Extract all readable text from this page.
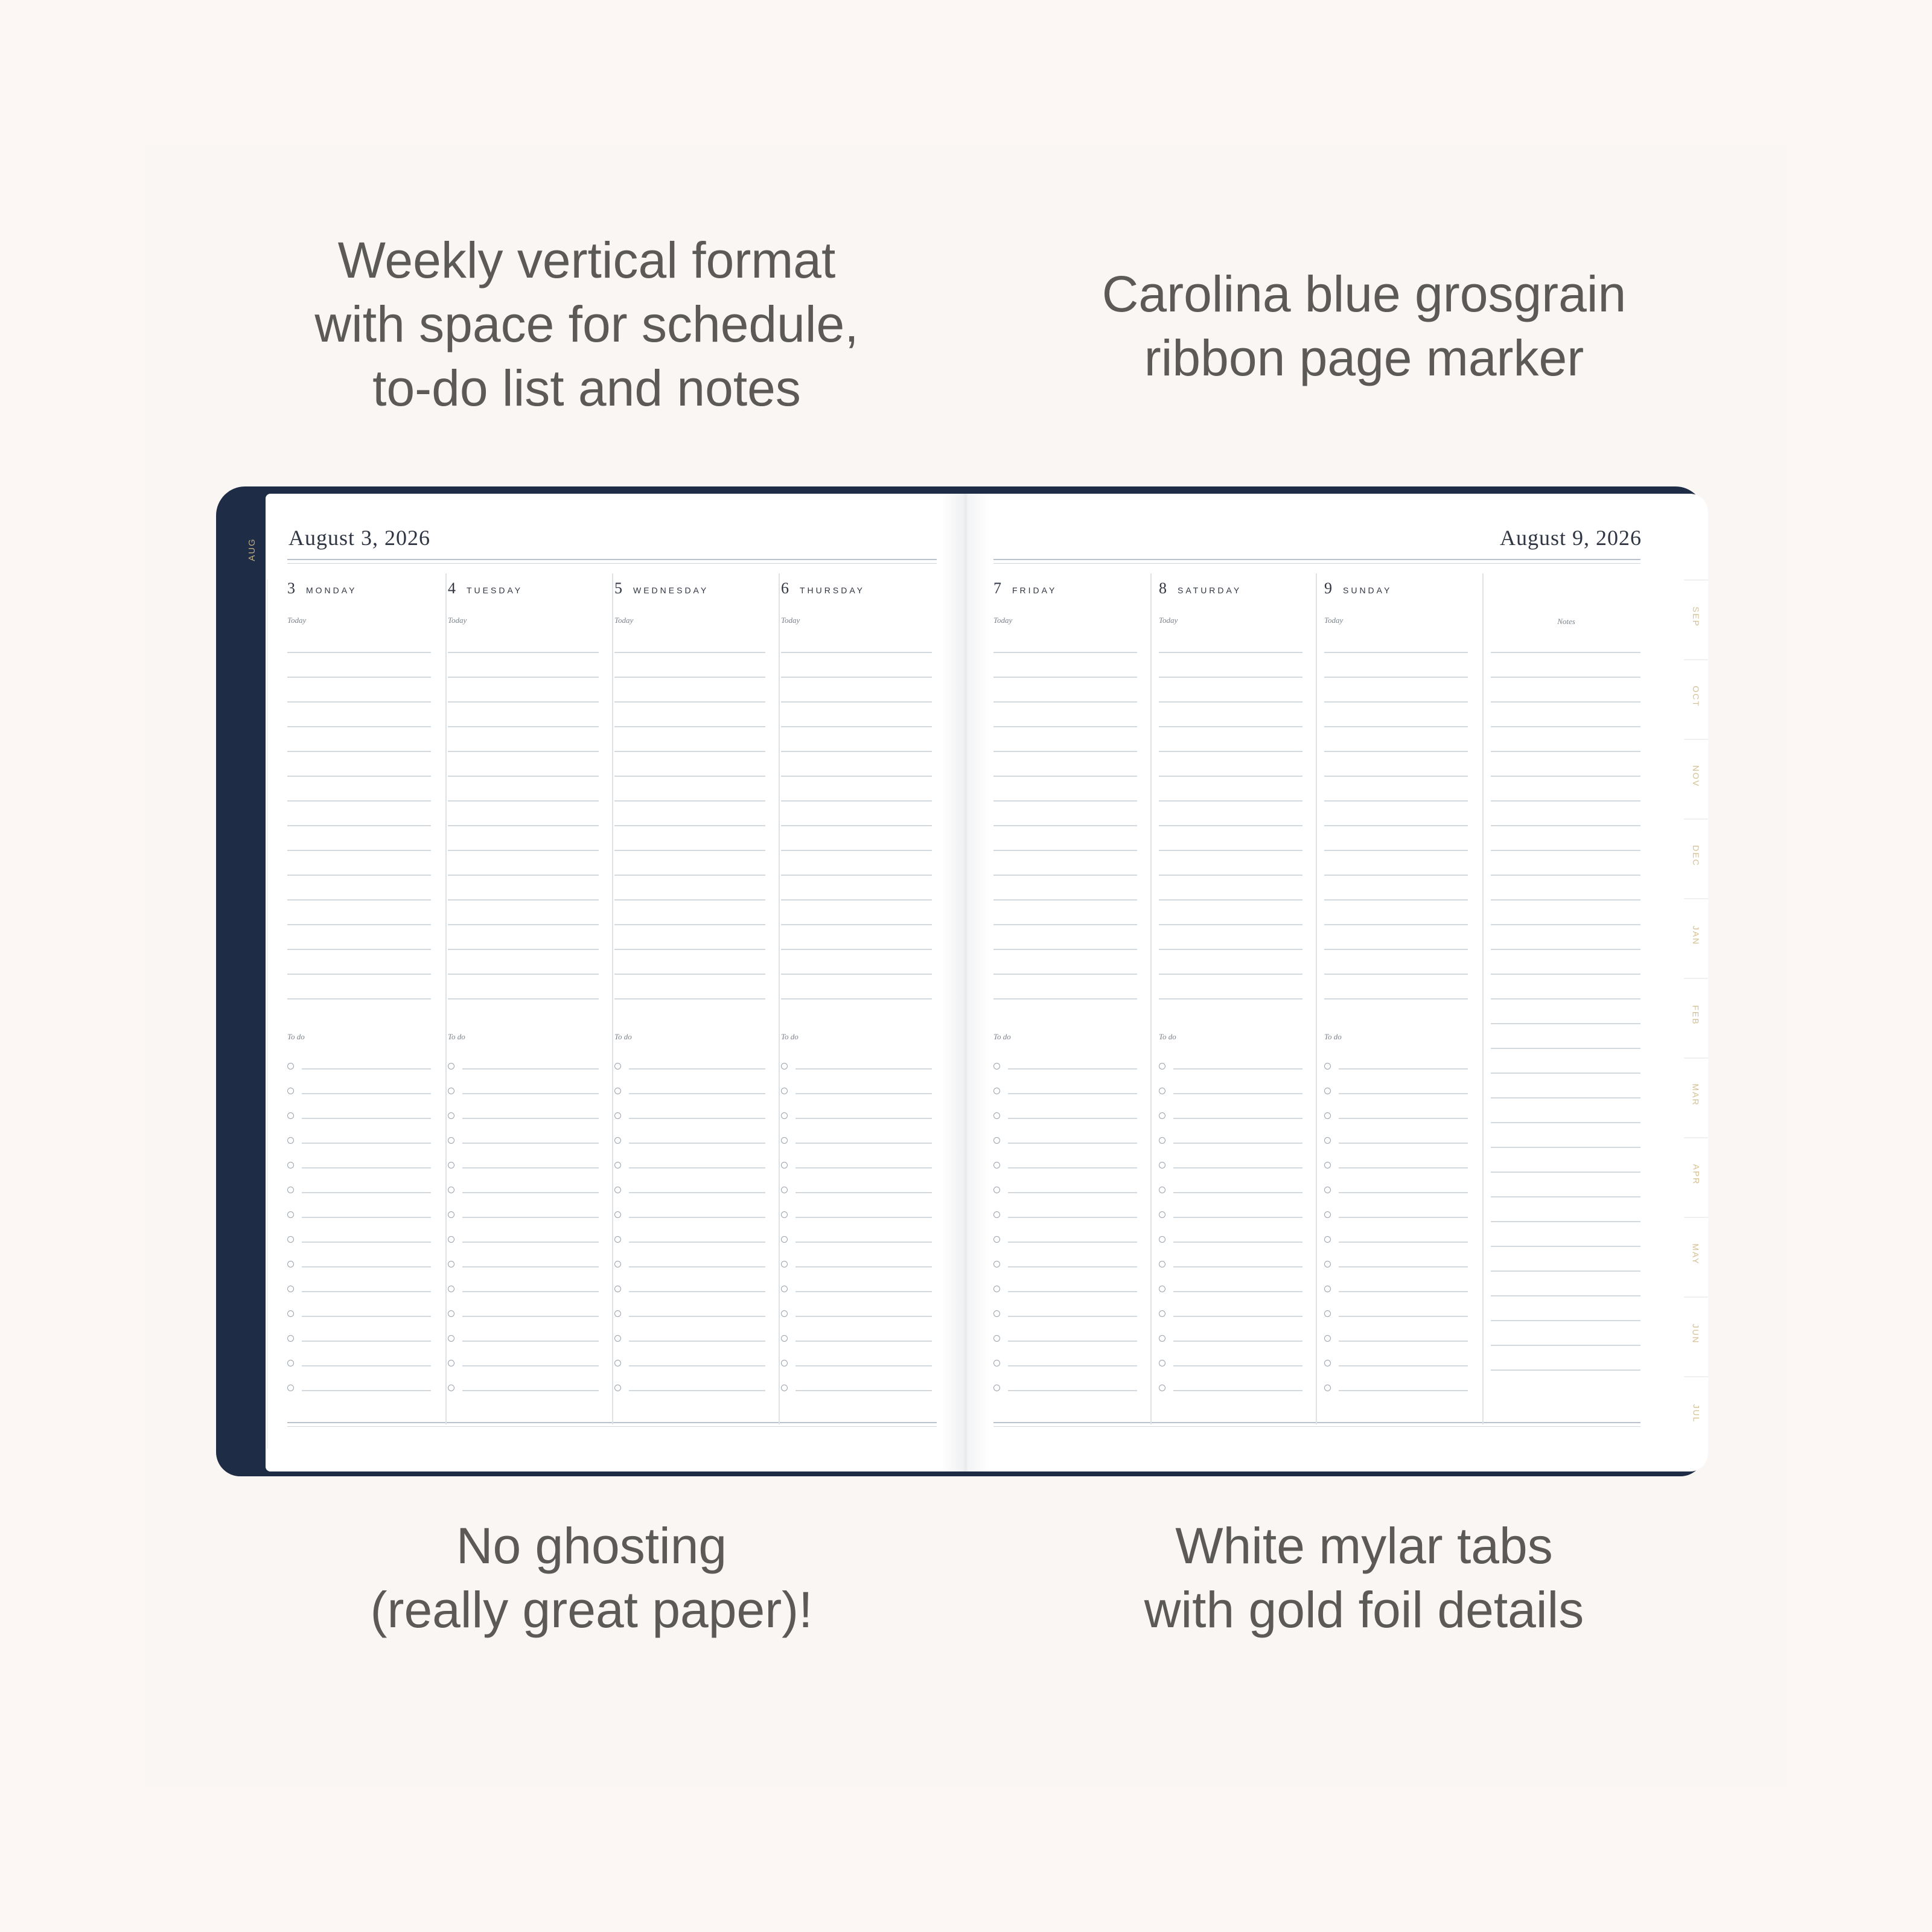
Weekly vertical format
with space for schedule,
to-do list and notes
Carolina blue grosgrain
ribbon page marker
No ghosting
(really great paper)!
White mylar tabs
with gold foil details
AUG August 3, 2026	August 9, 2026
3 MONDAY
Today
To do
4 TUESDAY
Today
To do
5 WEDNESDAY
Today
To do
6 THURSDAY
Today
To do
7 FRIDAY
Today
To do
8 SATURDAY
Today
To do
9 SUNDAY
Today
To do
Notes	SEP
OCT
NOV
DEC
JAN
FEB
MAR
APR
MAY
JUN
JUL
